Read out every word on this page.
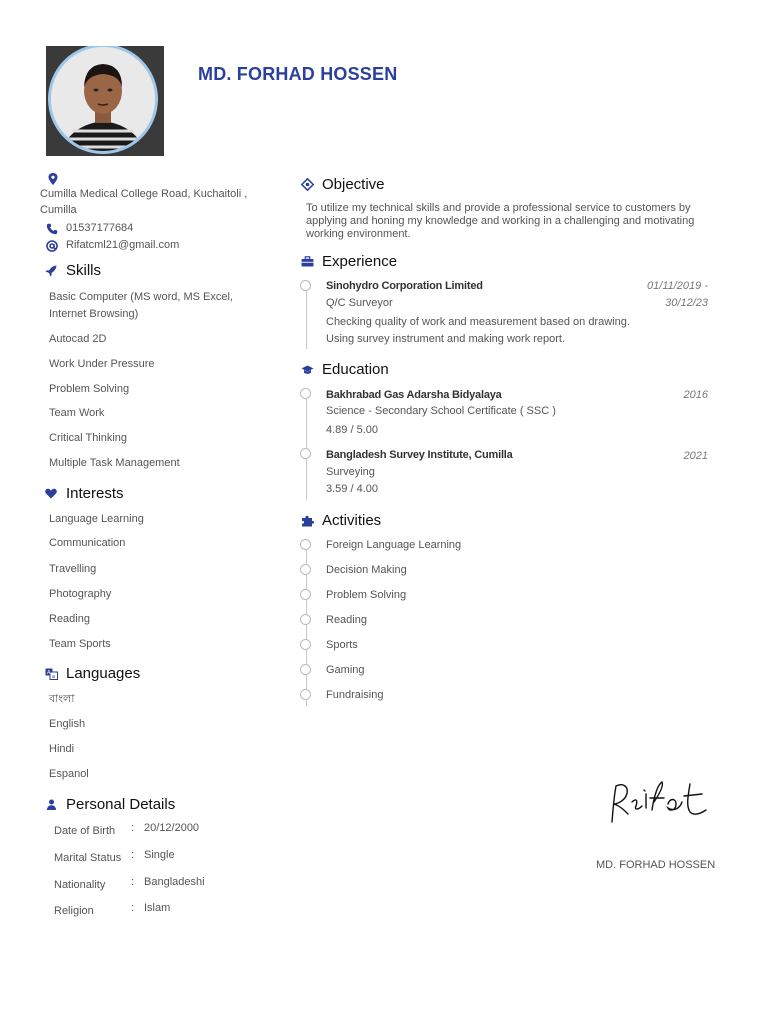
MD. FORHAD HOSSEN
Cumilla Medical College Road, Kuchaitoli , Cumilla
01537177684
Rifatcml21@gmail.com
Skills
Basic Computer (MS word, MS Excel, Internet Browsing)
Autocad 2D
Work Under Pressure
Problem Solving
Team Work
Critical Thinking
Multiple Task Management
Interests
Language Learning
Communication
Travelling
Photography
Reading
Team Sports
A
a Languages
বাংলা
English
Hindi
Espanol
Personal Details
Date of Birth : 20/12/2000
Marital Status : Single
Nationality : Bangladeshi
Religion	: Islam
Objective
To utilize my technical skills and provide a professional service to customers by applying and honing my knowledge and working in a challenging and motivating working environment.
Experience
Sinohydro Corporation Limited	01/11/2019 -
30/12/23
Q/C Surveyor
Checking quality of work and measurement based on drawing.
Using survey instrument and making work report.
Education
Bakhrabad Gas Adarsha Bidyalaya	2016
Science - Secondary School Certificate ( SSC )
4.89 / 5.00
Bangladesh Survey Institute, Cumilla	2021
Surveying
3.59 / 4.00
Activities
Foreign Language Learning
Decision Making
Problem Solving
Reading
Sports
Gaming
Fundraising
MD. FORHAD HOSSEN
